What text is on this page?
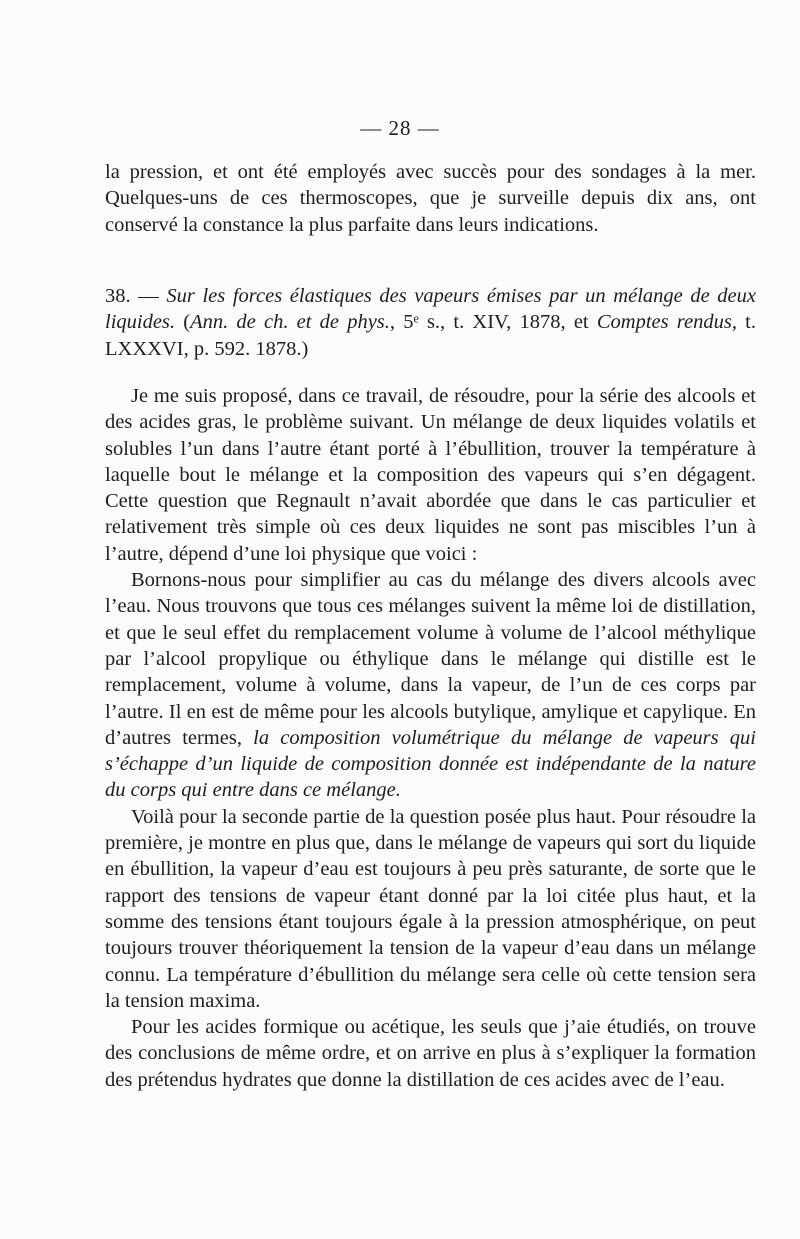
— 28 —

la pression, et ont été employés avec succès pour des sondages à la mer. Quelques-uns de ces thermoscopes, que je surveille depuis dix ans, ont conservé la constance la plus parfaite dans leurs indications.

38. — Sur les forces élastiques des vapeurs émises par un mélange de deux liquides. (Ann. de ch. et de phys., 5ᵉ s., t. XIV, 1878, et Comptes rendus, t. LXXXVI, p. 592. 1878.)

Je me suis proposé, dans ce travail, de résoudre, pour la série des alcools et des acides gras, le problème suivant. Un mélange de deux liquides volatils et solubles l’un dans l’autre étant porté à l’ébullition, trouver la température à laquelle bout le mélange et la composition des vapeurs qui s’en dégagent. Cette question que Regnault n’avait abordée que dans le cas particulier et relativement très simple où ces deux liquides ne sont pas miscibles l’un à l’autre, dépend d’une loi physique que voici :

Bornons-nous pour simplifier au cas du mélange des divers alcools avec l’eau. Nous trouvons que tous ces mélanges suivent la même loi de distillation, et que le seul effet du remplacement volume à volume de l’alcool méthylique par l’alcool propylique ou éthylique dans le mélange qui distille est le remplacement, volume à volume, dans la vapeur, de l’un de ces corps par l’autre. Il en est de même pour les alcools butylique, amylique et capylique. En d’autres termes, la composition volumétrique du mélange de vapeurs qui s’échappe d’un liquide de composition donnée est indépendante de la nature du corps qui entre dans ce mélange.

Voilà pour la seconde partie de la question posée plus haut. Pour résoudre la première, je montre en plus que, dans le mélange de vapeurs qui sort du liquide en ébullition, la vapeur d’eau est toujours à peu près saturante, de sorte que le rapport des tensions de vapeur étant donné par la loi citée plus haut, et la somme des tensions étant toujours égale à la pression atmosphérique, on peut toujours trouver théoriquement la tension de la vapeur d’eau dans un mélange connu. La température d’ébullition du mélange sera celle où cette tension sera la tension maxima.

Pour les acides formique ou acétique, les seuls que j’aie étudiés, on trouve des conclusions de même ordre, et on arrive en plus à s’expliquer la formation des prétendus hydrates que donne la distillation de ces acides avec de l’eau.
